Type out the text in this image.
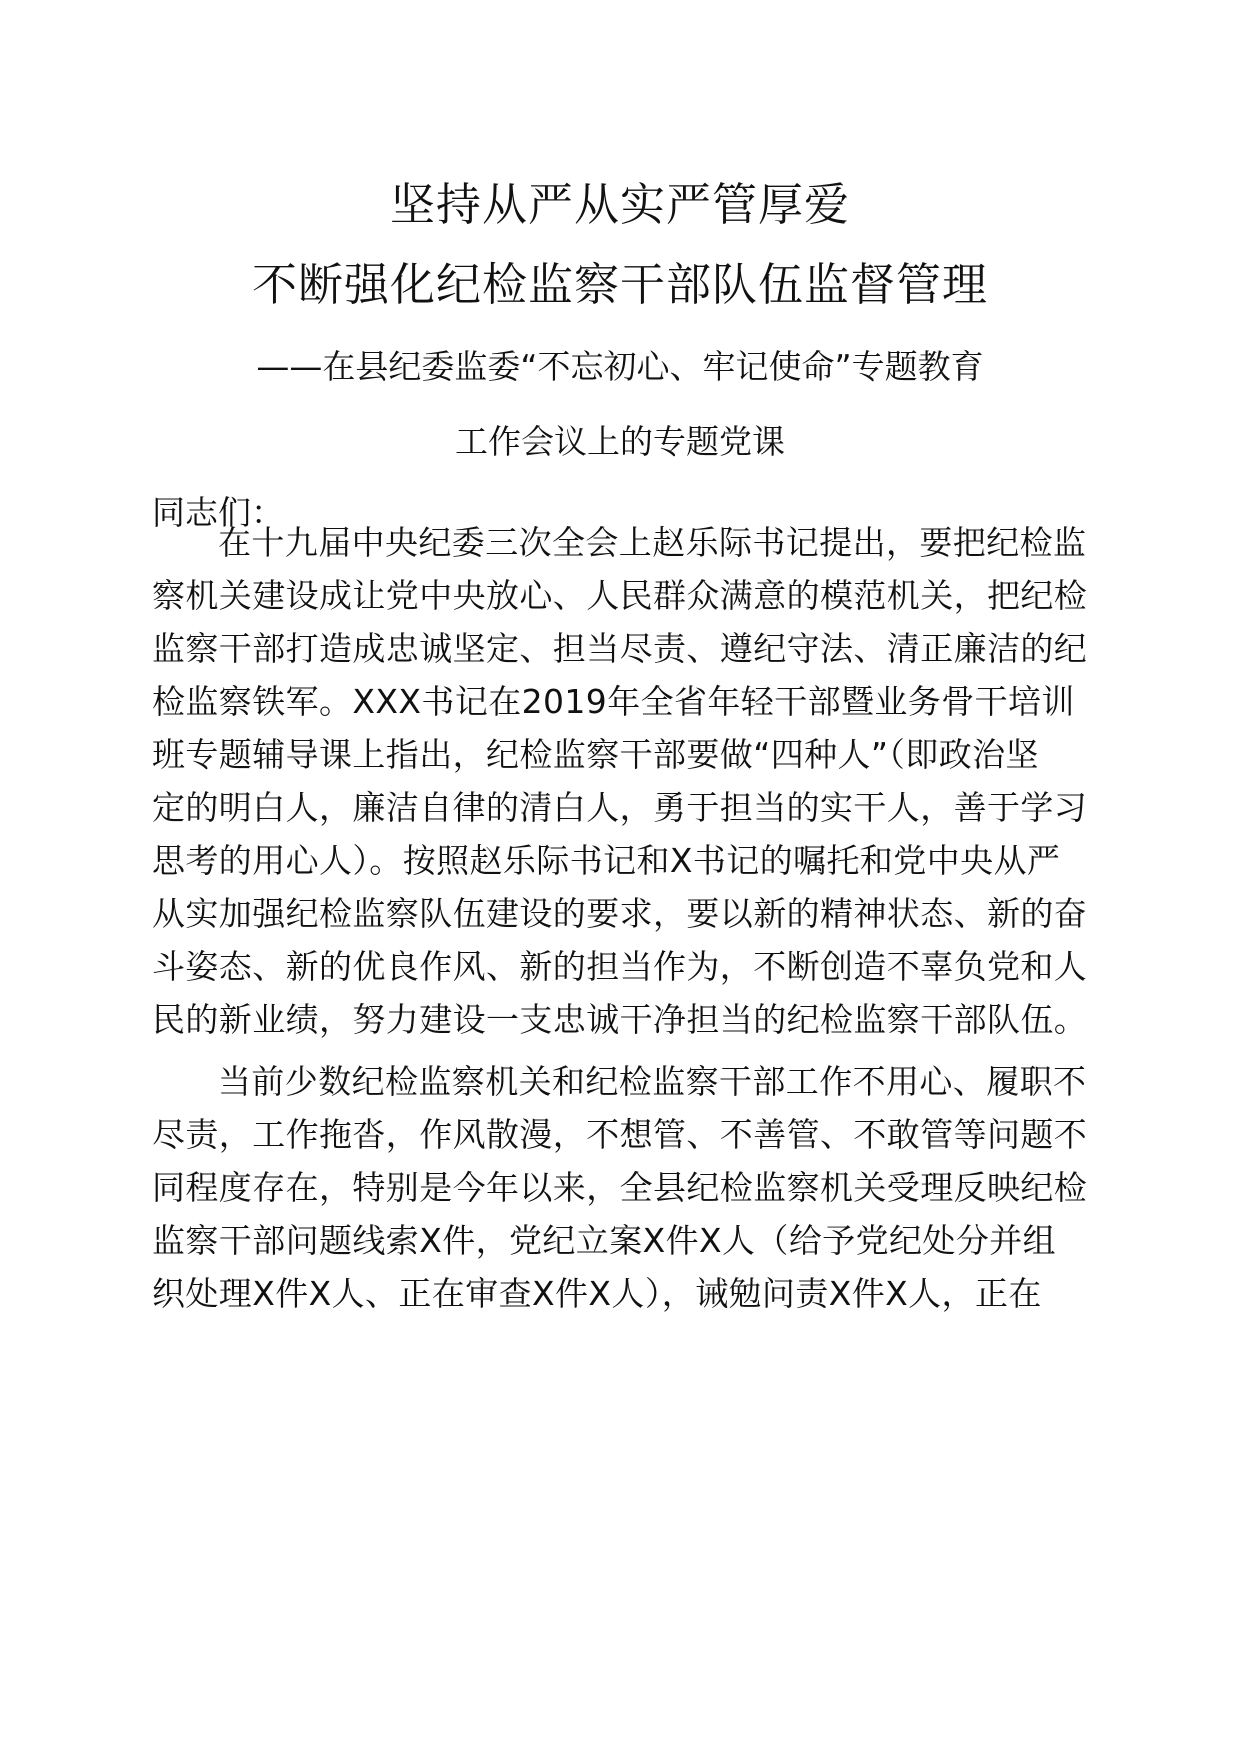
坚持从严从实严管厚爱
不断强化纪检监察干部队伍监督管理
——在县纪委监委“不忘初心、牢记使命”专题教育
工作会议上的专题党课
同志们：
在十九届中央纪委三次全会上赵乐际书记提出，要把纪检监
察机关建设成让党中央放心、人民群众满意的模范机关，把纪检
监察干部打造成忠诚坚定、担当尽责、遵纪守法、清正廉洁的纪
检监察铁军。XXX书记在2019年全省年轻干部暨业务骨干培训
班专题辅导课上指出，纪检监察干部要做“四种人”（即政治坚
定的明白人，廉洁自律的清白人，勇于担当的实干人，善于学习
思考的用心人）。按照赵乐际书记和X书记的嘱托和党中央从严
从实加强纪检监察队伍建设的要求，要以新的精神状态、新的奋
斗姿态、新的优良作风、新的担当作为，不断创造不辜负党和人
民的新业绩，努力建设一支忠诚干净担当的纪检监察干部队伍。
当前少数纪检监察机关和纪检监察干部工作不用心、履职不
尽责，工作拖沓，作风散漫，不想管、不善管、不敢管等问题不
同程度存在，特别是今年以来，全县纪检监察机关受理反映纪检
监察干部问题线索X件，党纪立案X件X人（给予党纪处分并组
织处理X件X人、正在审查X件X人），诫勉问责X件X人，正在
